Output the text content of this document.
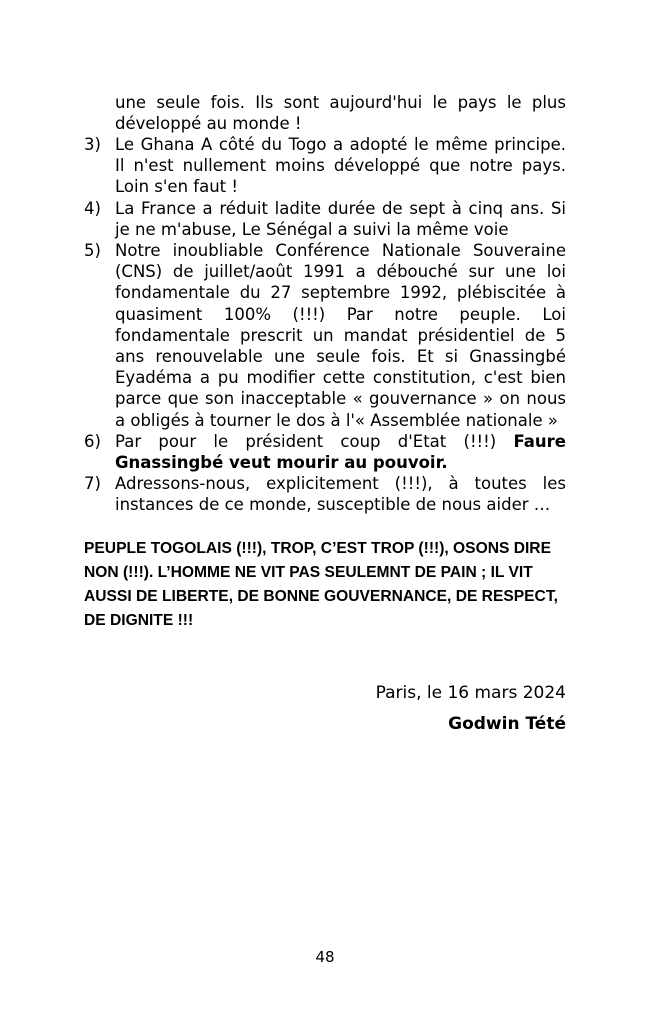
une seule fois. Ils sont aujourd'hui le pays le plus développé au monde !

3) Le Ghana A côté du Togo a adopté le même principe. Il n'est nullement moins développé que notre pays. Loin s'en faut !
4) La France a réduit ladite durée de sept à cinq ans. Si je ne m'abuse, Le Sénégal a suivi la même voie
5) Notre inoubliable Conférence Nationale Souveraine (CNS) de juillet/août 1991 a débouché sur une loi fondamentale du 27 septembre 1992, plébiscitée à quasiment 100% (!!!) Par notre peuple. Loi fondamentale prescrit un mandat présidentiel de 5 ans renouvelable une seule fois. Et si Gnassingbé Eyadéma a pu modifier cette constitution, c'est bien parce que son inacceptable « gouvernance » on nous a obligés à tourner le dos à l'« Assemblée nationale »
6) Par pour le président coup d'Etat (!!!) Faure Gnassingbé veut mourir au pouvoir.
7) Adressons-nous, explicitement (!!!), à toutes les instances de ce monde, susceptible de nous aider …

PEUPLE TOGOLAIS (!!!), TROP, C’EST TROP (!!!), OSONS DIRE NON (!!!). L’HOMME NE VIT PAS SEULEMNT DE PAIN ; IL VIT AUSSI DE LIBERTE, DE BONNE GOUVERNANCE, DE RESPECT, DE DIGNITE !!!

Paris, le 16 mars 2024

Godwin Tété

48
